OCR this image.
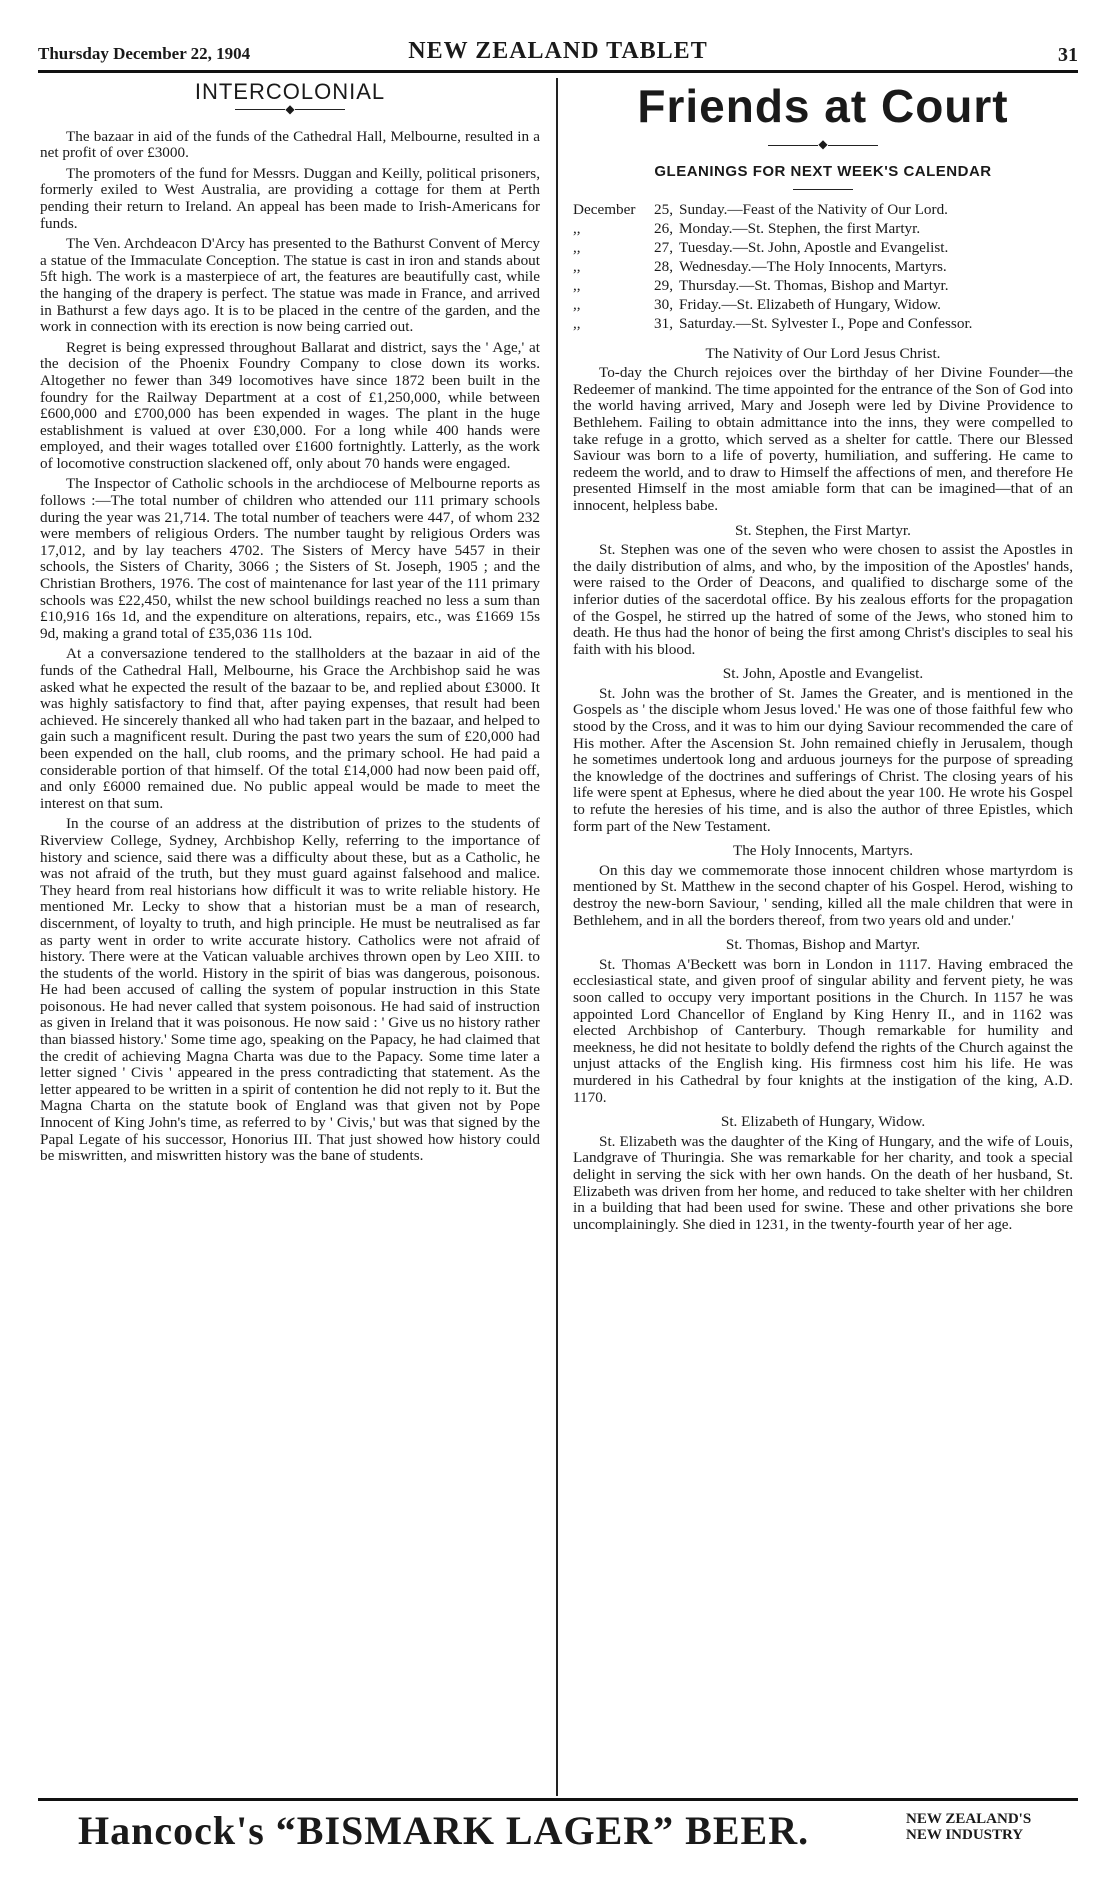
Thursday December 22, 1904	NEW ZEALAND TABLET	31
INTERCOLONIAL
◆

The bazaar in aid of the funds of the Cathedral Hall, Melbourne, resulted in a net profit of over £3000.

The promoters of the fund for Messrs. Duggan and Keilly, political prisoners, formerly exiled to West Australia, are providing a cottage for them at Perth pending their return to Ireland. An appeal has been made to Irish-Americans for funds.

The Ven. Archdeacon D'Arcy has presented to the Bathurst Convent of Mercy a statue of the Immaculate Conception. The statue is cast in iron and stands about 5ft high. The work is a masterpiece of art, the features are beautifully cast, while the hanging of the drapery is perfect. The statue was made in France, and arrived in Bathurst a few days ago. It is to be placed in the centre of the garden, and the work in connection with its erection is now being carried out.

Regret is being expressed throughout Ballarat and district, says the ' Age,' at the decision of the Phoenix Foundry Company to close down its works. Altogether no fewer than 349 locomotives have since 1872 been built in the foundry for the Railway Department at a cost of £1,250,000, while between £600,000 and £700,000 has been expended in wages. The plant in the huge establishment is valued at over £30,000. For a long while 400 hands were employed, and their wages totalled over £1600 fortnightly. Latterly, as the work of locomotive construction slackened off, only about 70 hands were engaged.

The Inspector of Catholic schools in the archdiocese of Melbourne reports as follows :—The total number of children who attended our 111 primary schools during the year was 21,714. The total number of teachers were 447, of whom 232 were members of religious Orders. The number taught by religious Orders was 17,012, and by lay teachers 4702. The Sisters of Mercy have 5457 in their schools, the Sisters of Charity, 3066 ; the Sisters of St. Joseph, 1905 ; and the Christian Brothers, 1976. The cost of maintenance for last year of the 111 primary schools was £22,450, whilst the new school buildings reached no less a sum than £10,916 16s 1d, and the expenditure on alterations, repairs, etc., was £1669 15s 9d, making a grand total of £35,036 11s 10d.

At a conversazione tendered to the stallholders at the bazaar in aid of the funds of the Cathedral Hall, Melbourne, his Grace the Archbishop said he was asked what he expected the result of the bazaar to be, and replied about £3000. It was highly satisfactory to find that, after paying expenses, that result had been achieved. He sincerely thanked all who had taken part in the bazaar, and helped to gain such a magnificent result. During the past two years the sum of £20,000 had been expended on the hall, club rooms, and the primary school. He had paid a considerable portion of that himself. Of the total £14,000 had now been paid off, and only £6000 remained due. No public appeal would be made to meet the interest on that sum.

In the course of an address at the distribution of prizes to the students of Riverview College, Sydney, Archbishop Kelly, referring to the importance of history and science, said there was a difficulty about these, but as a Catholic, he was not afraid of the truth, but they must guard against falsehood and malice. They heard from real historians how difficult it was to write reliable history. He mentioned Mr. Lecky to show that a historian must be a man of research, discernment, of loyalty to truth, and high principle. He must be neutralised as far as party went in order to write accurate history. Catholics were not afraid of history. There were at the Vatican valuable archives thrown open by Leo XIII. to the students of the world. History in the spirit of bias was dangerous, poisonous. He had been accused of calling the system of popular instruction in this State poisonous. He had never called that system poisonous. He had said of instruction as given in Ireland that it was poisonous. He now said : ' Give us no history rather than biassed history.' Some time ago, speaking on the Papacy, he had claimed that the credit of achieving Magna Charta was due to the Papacy. Some time later a letter signed ' Civis ' appeared in the press contradicting that statement. As the letter appeared to be written in a spirit of contention he did not reply to it. But the Magna Charta on the statute book of England was that given not by Pope Innocent of King John's time, as referred to by ' Civis,' but was that signed by the Papal Legate of his successor, Honorius III. That just showed how history could be miswritten, and miswritten history was the bane of students.

Friends at Court
◆
GLEANINGS FOR NEXT WEEK'S CALENDAR
December	25, Sunday.—Feast of the Nativity of Our Lord.
,,	26, Monday.—St. Stephen, the first Martyr.
,,	27, Tuesday.—St. John, Apostle and Evangelist.
,,	28, Wednesday.—The Holy Innocents, Martyrs.
,,	29, Thursday.—St. Thomas, Bishop and Martyr.
,,	30, Friday.—St. Elizabeth of Hungary, Widow.
,,	31, Saturday.—St. Sylvester I., Pope and Confessor.
The Nativity of Our Lord Jesus Christ.

To-day the Church rejoices over the birthday of her Divine Founder—the Redeemer of mankind. The time appointed for the entrance of the Son of God into the world having arrived, Mary and Joseph were led by Divine Providence to Bethlehem. Failing to obtain admittance into the inns, they were compelled to take refuge in a grotto, which served as a shelter for cattle. There our Blessed Saviour was born to a life of poverty, humiliation, and suffering. He came to redeem the world, and to draw to Himself the affections of men, and therefore He presented Himself in the most amiable form that can be imagined—that of an innocent, helpless babe.

St. Stephen, the First Martyr.

St. Stephen was one of the seven who were chosen to assist the Apostles in the daily distribution of alms, and who, by the imposition of the Apostles' hands, were raised to the Order of Deacons, and qualified to discharge some of the inferior duties of the sacerdotal office. By his zealous efforts for the propagation of the Gospel, he stirred up the hatred of some of the Jews, who stoned him to death. He thus had the honor of being the first among Christ's disciples to seal his faith with his blood.

St. John, Apostle and Evangelist.

St. John was the brother of St. James the Greater, and is mentioned in the Gospels as ' the disciple whom Jesus loved.' He was one of those faithful few who stood by the Cross, and it was to him our dying Saviour recommended the care of His mother. After the Ascension St. John remained chiefly in Jerusalem, though he sometimes undertook long and arduous journeys for the purpose of spreading the knowledge of the doctrines and sufferings of Christ. The closing years of his life were spent at Ephesus, where he died about the year 100. He wrote his Gospel to refute the heresies of his time, and is also the author of three Epistles, which form part of the New Testament.

The Holy Innocents, Martyrs.

On this day we commemorate those innocent children whose martyrdom is mentioned by St. Matthew in the second chapter of his Gospel. Herod, wishing to destroy the new-born Saviour, ' sending, killed all the male children that were in Bethlehem, and in all the borders thereof, from two years old and under.'

St. Thomas, Bishop and Martyr.

St. Thomas A'Beckett was born in London in 1117. Having embraced the ecclesiastical state, and given proof of singular ability and fervent piety, he was soon called to occupy very important positions in the Church. In 1157 he was appointed Lord Chancellor of England by King Henry II., and in 1162 was elected Archbishop of Canterbury. Though remarkable for humility and meekness, he did not hesitate to boldly defend the rights of the Church against the unjust attacks of the English king. His firmness cost him his life. He was murdered in his Cathedral by four knights at the instigation of the king, A.D. 1170.

St. Elizabeth of Hungary, Widow.

St. Elizabeth was the daughter of the King of Hungary, and the wife of Louis, Landgrave of Thuringia. She was remarkable for her charity, and took a special delight in serving the sick with her own hands. On the death of her husband, St. Elizabeth was driven from her home, and reduced to take shelter with her children in a building that had been used for swine. These and other privations she bore uncomplainingly. She died in 1231, in the twenty-fourth year of her age.

Hancock's “BISMARK LAGER” BEER.	NEW ZEALAND'S
NEW INDUSTRY
